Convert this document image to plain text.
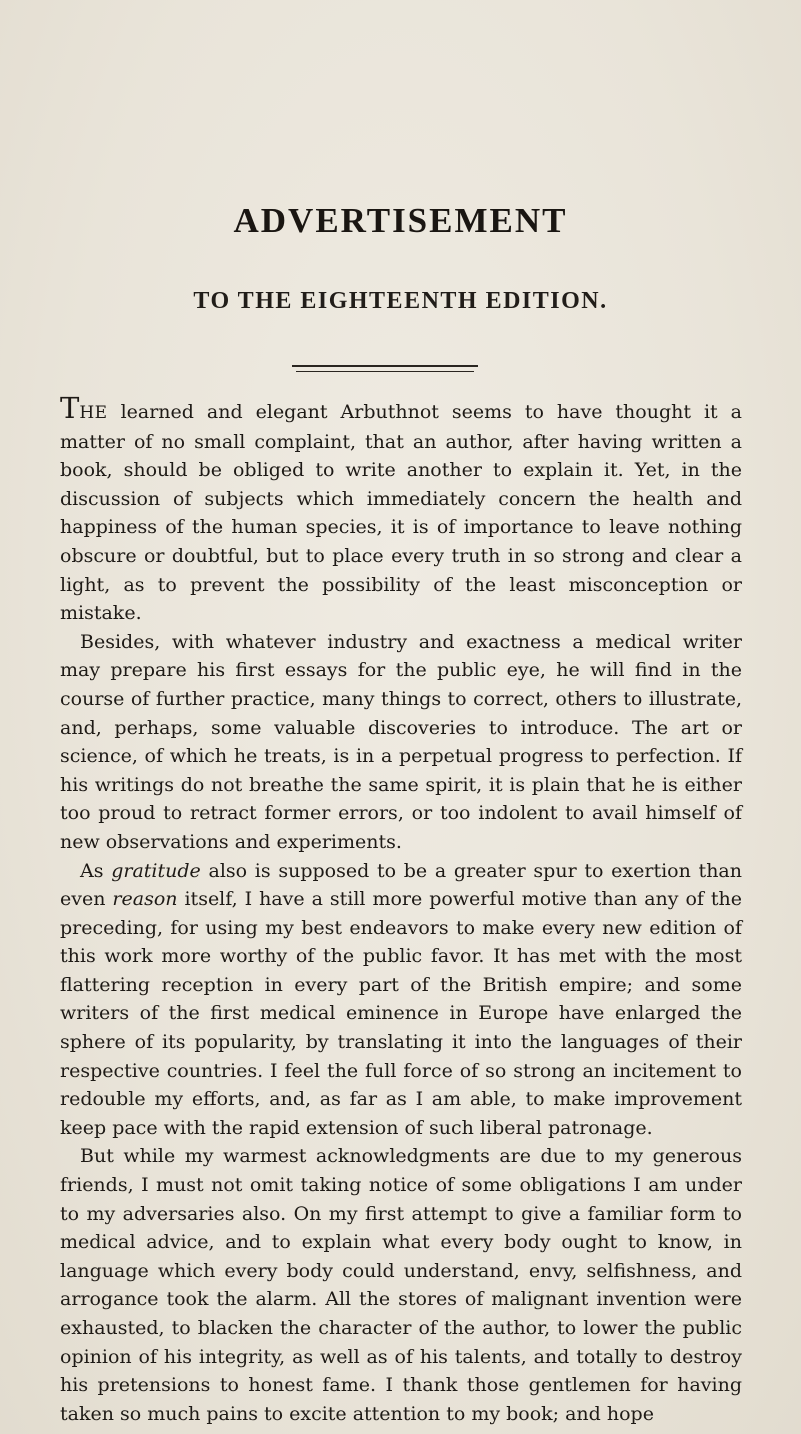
ADVERTISEMENT
TO THE EIGHTEENTH EDITION.

THE learned and elegant Arbuthnot seems to have thought it a matter of no small complaint, that an author, after having written a book, should be obliged to write another to explain it. Yet, in the discussion of subjects which immediately concern the health and happiness of the human species, it is of importance to leave nothing obscure or doubtful, but to place every truth in so strong and clear a light, as to prevent the possibility of the least misconception or mistake.

Besides, with whatever industry and exactness a medical writer may prepare his first essays for the public eye, he will find in the course of further practice, many things to correct, others to illustrate, and, perhaps, some valuable discoveries to introduce. The art or science, of which he treats, is in a perpetual progress to perfection. If his writings do not breathe the same spirit, it is plain that he is either too proud to retract former errors, or too indolent to avail himself of new observations and experiments.

As gratitude also is supposed to be a greater spur to exertion than even reason itself, I have a still more powerful motive than any of the preceding, for using my best endeavors to make every new edition of this work more worthy of the public favor. It has met with the most flattering reception in every part of the British empire; and some writers of the first medical eminence in Europe have enlarged the sphere of its popularity, by translating it into the languages of their respective countries. I feel the full force of so strong an incitement to redouble my efforts, and, as far as I am able, to make improvement keep pace with the rapid extension of such liberal patronage.

But while my warmest acknowledgments are due to my generous friends, I must not omit taking notice of some obligations I am under to my adversaries also. On my first attempt to give a familiar form to medical advice, and to explain what every body ought to know, in language which every body could understand, envy, selfishness, and arrogance took the alarm. All the stores of malignant invention were exhausted, to blacken the character of the author, to lower the public opinion of his integrity, as well as of his talents, and totally to destroy his pretensions to honest fame. I thank those gentlemen for having taken so much pains to excite attention to my book; and hope
